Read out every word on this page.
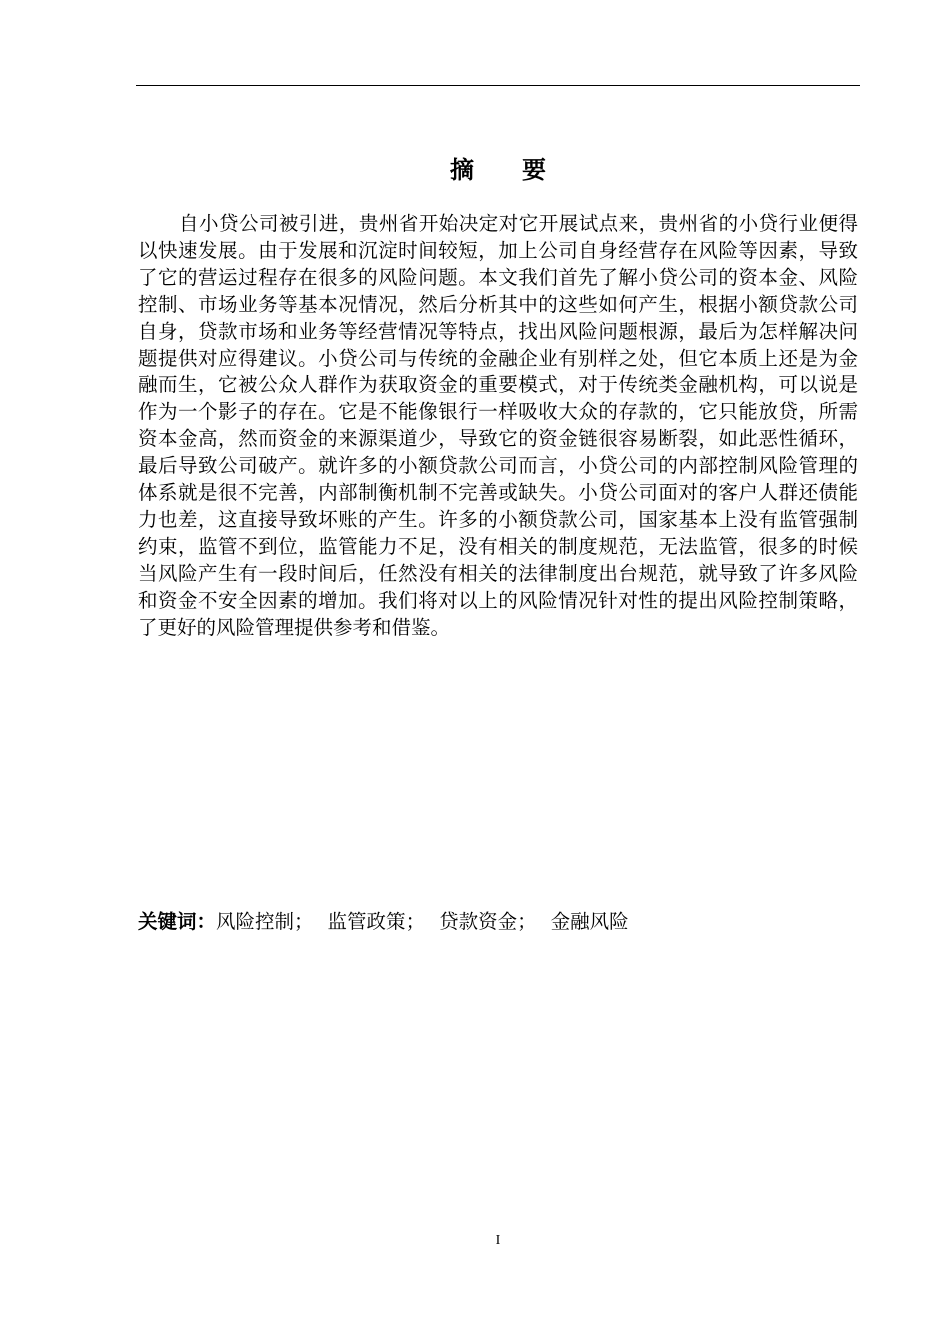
摘要

自小贷公司被引进，贵州省开始决定对它开展试点来，贵州省的小贷行业便得以快速发展。由于发展和沉淀时间较短，加上公司自身经营存在风险等因素，导致了它的营运过程存在很多的风险问题。本文我们首先了解小贷公司的资本金、风险控制、市场业务等基本况情况，然后分析其中的这些如何产生，根据小额贷款公司自身，贷款市场和业务等经营情况等特点，找出风险问题根源，最后为怎样解决问题提供对应得建议。小贷公司与传统的金融企业有别样之处，但它本质上还是为金融而生，它被公众人群作为获取资金的重要模式，对于传统类金融机构，可以说是作为一个影子的存在。它是不能像银行一样吸收大众的存款的，它只能放贷，所需资本金高，然而资金的来源渠道少，导致它的资金链很容易断裂，如此恶性循环，最后导致公司破产。就许多的小额贷款公司而言，小贷公司的内部控制风险管理的体系就是很不完善，内部制衡机制不完善或缺失。小贷公司面对的客户人群还债能力也差，这直接导致坏账的产生。许多的小额贷款公司，国家基本上没有监管强制约束，监管不到位，监管能力不足，没有相关的制度规范，无法监管，很多的时候当风险产生有一段时间后，任然没有相关的法律制度出台规范，就导致了许多风险和资金不安全因素的增加。我们将对以上的风险情况针对性的提出风险控制策略，了更好的风险管理提供参考和借鉴。

关键词：风险控制； 监管政策； 贷款资金； 金融风险
I
